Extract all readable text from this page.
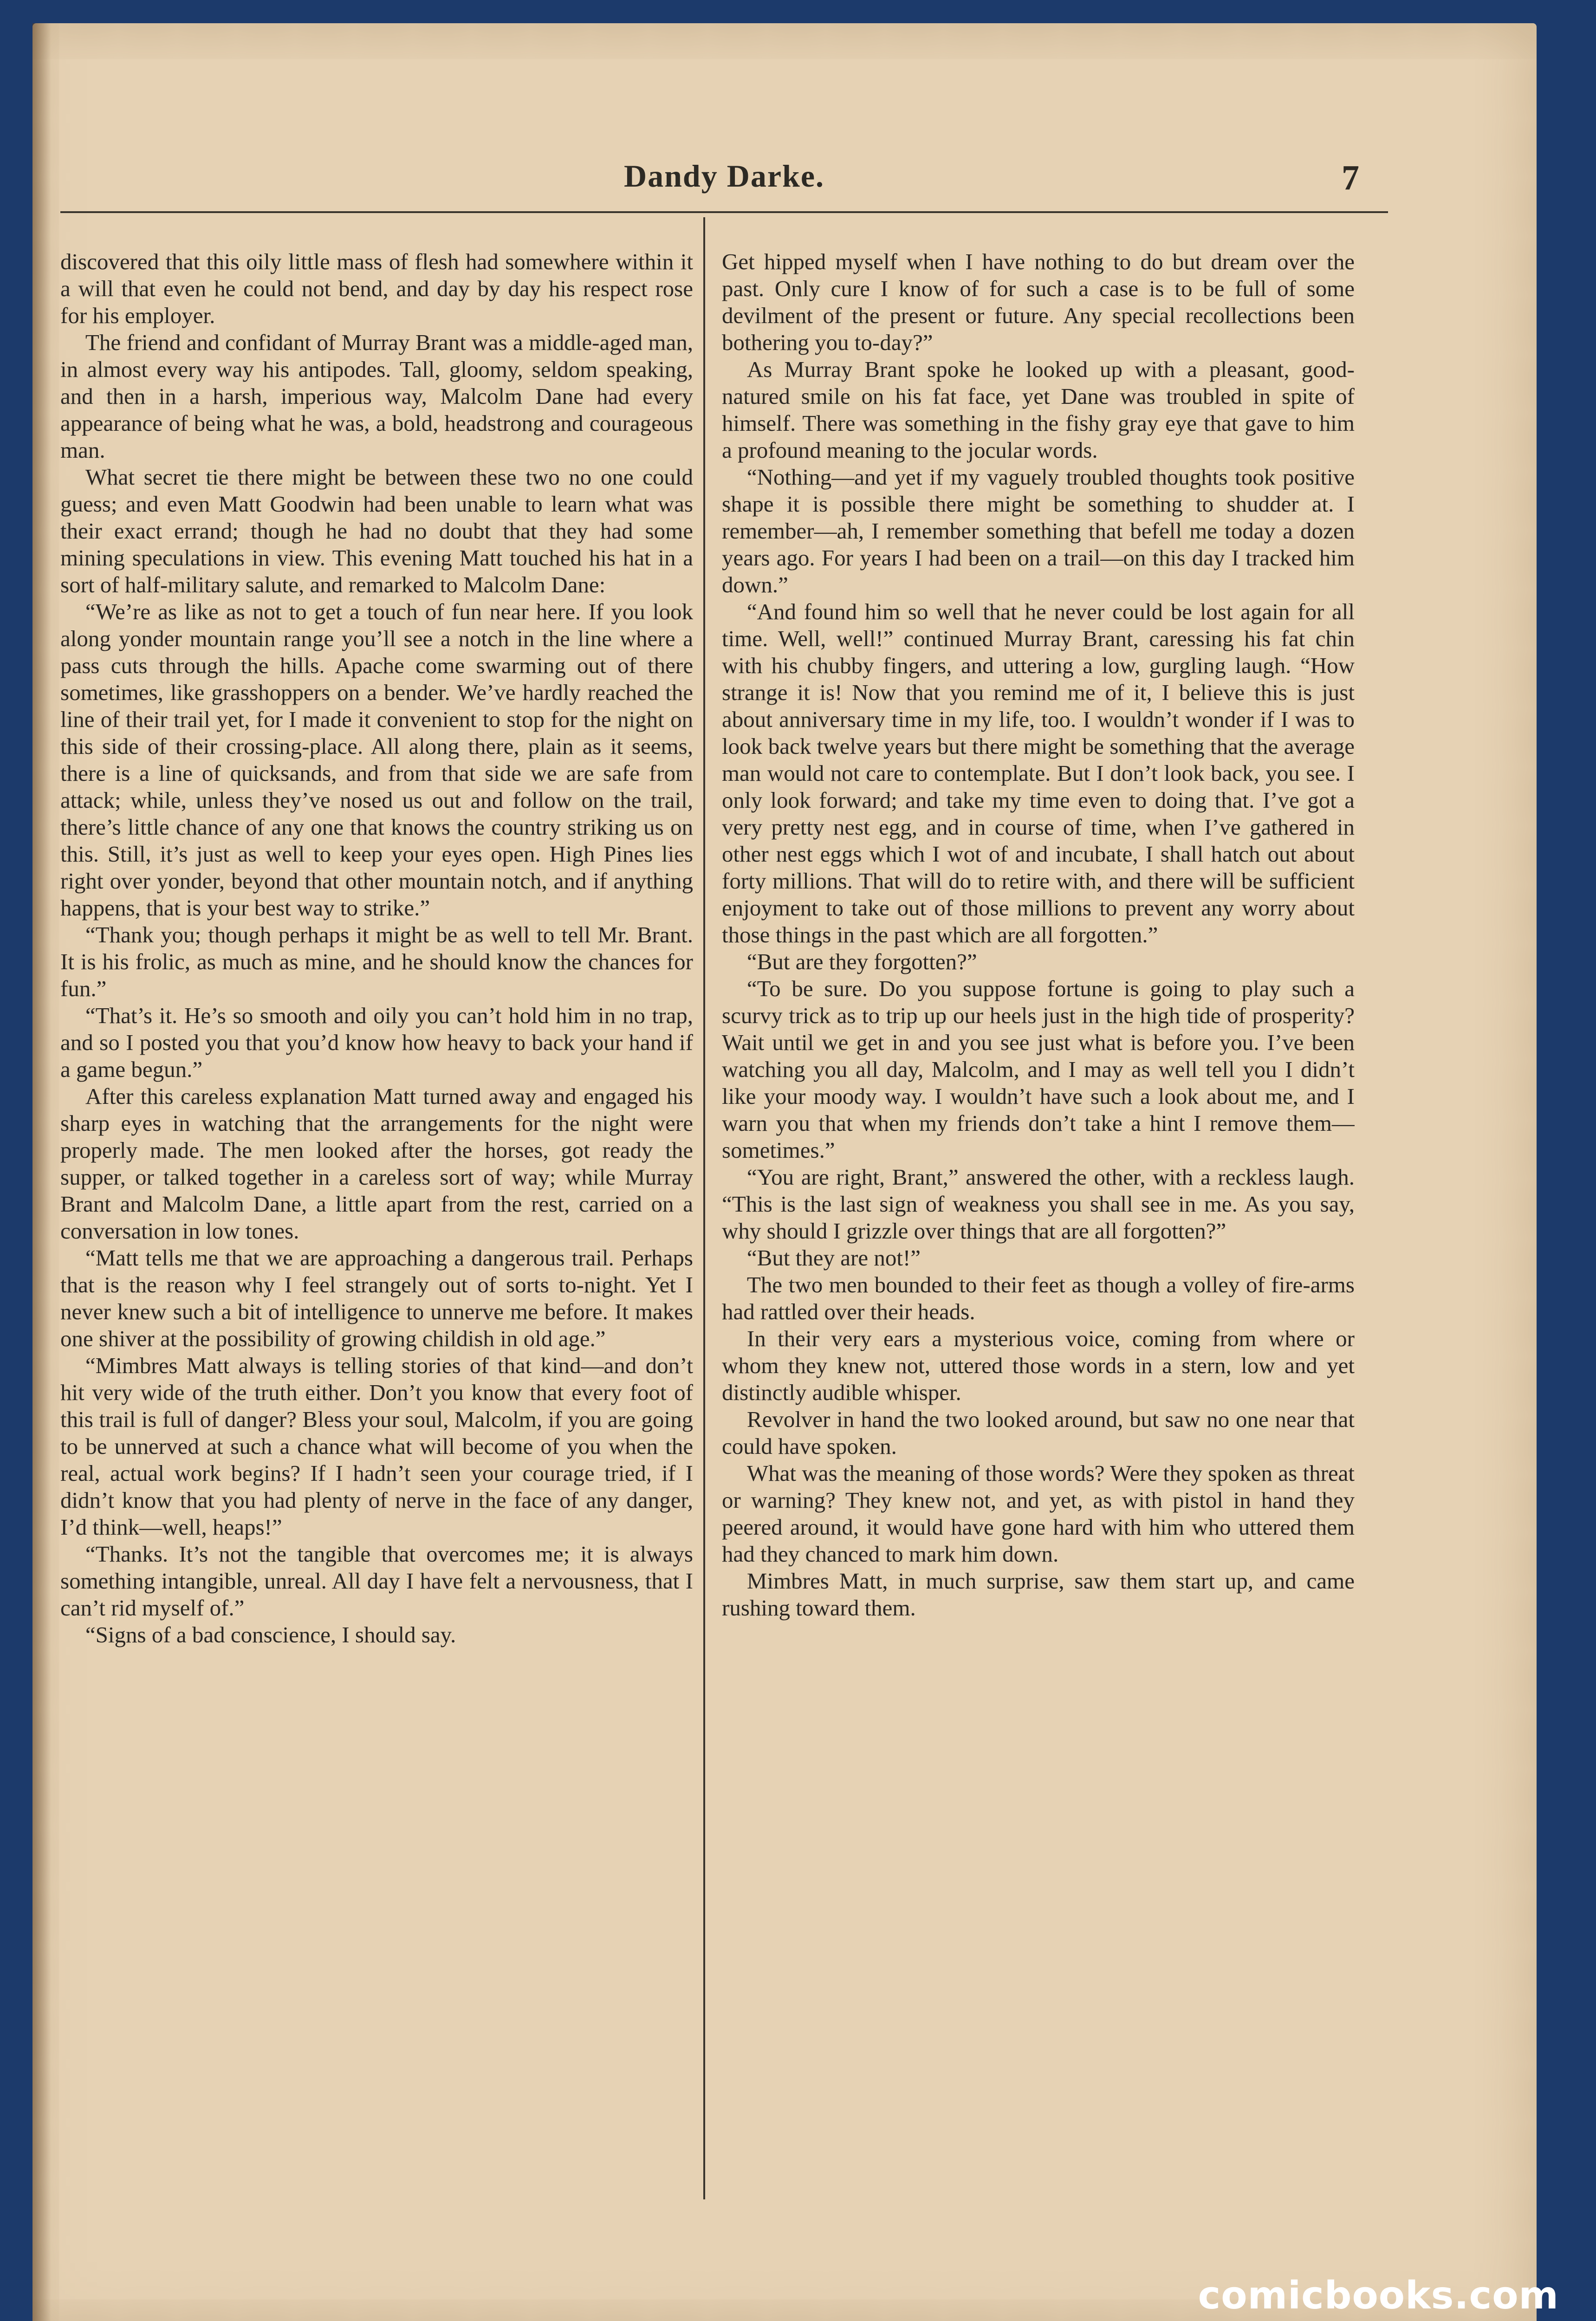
Dandy Darke.	7

discovered that this oily little mass of flesh had somewhere within it a will that even he could not bend, and day by day his respect rose for his employer.

The friend and confidant of Murray Brant was a middle-aged man, in almost every way his antipodes. Tall, gloomy, seldom speaking, and then in a harsh, imperious way, Malcolm Dane had every appearance of being what he was, a bold, headstrong and courageous man.

What secret tie there might be between these two no one could guess; and even Matt Goodwin had been unable to learn what was their exact errand; though he had no doubt that they had some mining speculations in view. This evening Matt touched his hat in a sort of half-military salute, and remarked to Malcolm Dane:

“We’re as like as not to get a touch of fun near here. If you look along yonder mountain range you’ll see a notch in the line where a pass cuts through the hills. Apache come swarming out of there sometimes, like grasshoppers on a bender. We’ve hardly reached the line of their trail yet, for I made it convenient to stop for the night on this side of their crossing-place. All along there, plain as it seems, there is a line of quicksands, and from that side we are safe from attack; while, unless they’ve nosed us out and follow on the trail, there’s little chance of any one that knows the country striking us on this. Still, it’s just as well to keep your eyes open. High Pines lies right over yonder, beyond that other mountain notch, and if anything happens, that is your best way to strike.”

“Thank you; though perhaps it might be as well to tell Mr. Brant. It is his frolic, as much as mine, and he should know the chances for fun.”

“That’s it. He’s so smooth and oily you can’t hold him in no trap, and so I posted you that you’d know how heavy to back your hand if a game begun.”

After this careless explanation Matt turned away and engaged his sharp eyes in watching that the arrangements for the night were properly made. The men looked after the horses, got ready the supper, or talked together in a careless sort of way; while Murray Brant and Malcolm Dane, a little apart from the rest, carried on a conversation in low tones.

“Matt tells me that we are approaching a dangerous trail. Perhaps that is the reason why I feel strangely out of sorts to-night. Yet I never knew such a bit of intelligence to unnerve me before. It makes one shiver at the possibility of growing childish in old age.”

“Mimbres Matt always is telling stories of that kind—and don’t hit very wide of the truth either. Don’t you know that every foot of this trail is full of danger? Bless your soul, Malcolm, if you are going to be unnerved at such a chance what will become of you when the real, actual work begins? If I hadn’t seen your courage tried, if I didn’t know that you had plenty of nerve in the face of any danger, I’d think—well, heaps!”

“Thanks. It’s not the tangible that overcomes me; it is always something intangible, unreal. All day I have felt a nervousness, that I can’t rid myself of.”

“Signs of a bad conscience, I should say.

Get hipped myself when I have nothing to do but dream over the past. Only cure I know of for such a case is to be full of some devilment of the present or future. Any special recollections been bothering you to-day?”

As Murray Brant spoke he looked up with a pleasant, good-natured smile on his fat face, yet Dane was troubled in spite of himself. There was something in the fishy gray eye that gave to him a profound meaning to the jocular words.

“Nothing—and yet if my vaguely troubled thoughts took positive shape it is possible there might be something to shudder at. I remember—ah, I remember something that befell me today a dozen years ago. For years I had been on a trail—on this day I tracked him down.”

“And found him so well that he never could be lost again for all time. Well, well!” continued Murray Brant, caressing his fat chin with his chubby fingers, and uttering a low, gurgling laugh. “How strange it is! Now that you remind me of it, I believe this is just about anniversary time in my life, too. I wouldn’t wonder if I was to look back twelve years but there might be something that the average man would not care to contemplate. But I don’t look back, you see. I only look forward; and take my time even to doing that. I’ve got a very pretty nest egg, and in course of time, when I’ve gathered in other nest eggs which I wot of and incubate, I shall hatch out about forty millions. That will do to retire with, and there will be sufficient enjoyment to take out of those millions to prevent any worry about those things in the past which are all forgotten.”

“But are they forgotten?”

“To be sure. Do you suppose fortune is going to play such a scurvy trick as to trip up our heels just in the high tide of prosperity? Wait until we get in and you see just what is before you. I’ve been watching you all day, Malcolm, and I may as well tell you I didn’t like your moody way. I wouldn’t have such a look about me, and I warn you that when my friends don’t take a hint I remove them—sometimes.”

“You are right, Brant,” answered the other, with a reckless laugh. “This is the last sign of weakness you shall see in me. As you say, why should I grizzle over things that are all forgotten?”

“But they are not!”

The two men bounded to their feet as though a volley of fire-arms had rattled over their heads.

In their very ears a mysterious voice, coming from where or whom they knew not, uttered those words in a stern, low and yet distinctly audible whisper.

Revolver in hand the two looked around, but saw no one near that could have spoken.

What was the meaning of those words? Were they spoken as threat or warning? They knew not, and yet, as with pistol in hand they peered around, it would have gone hard with him who uttered them had they chanced to mark him down.

Mimbres Matt, in much surprise, saw them start up, and came rushing toward them.

comicbooks.com
